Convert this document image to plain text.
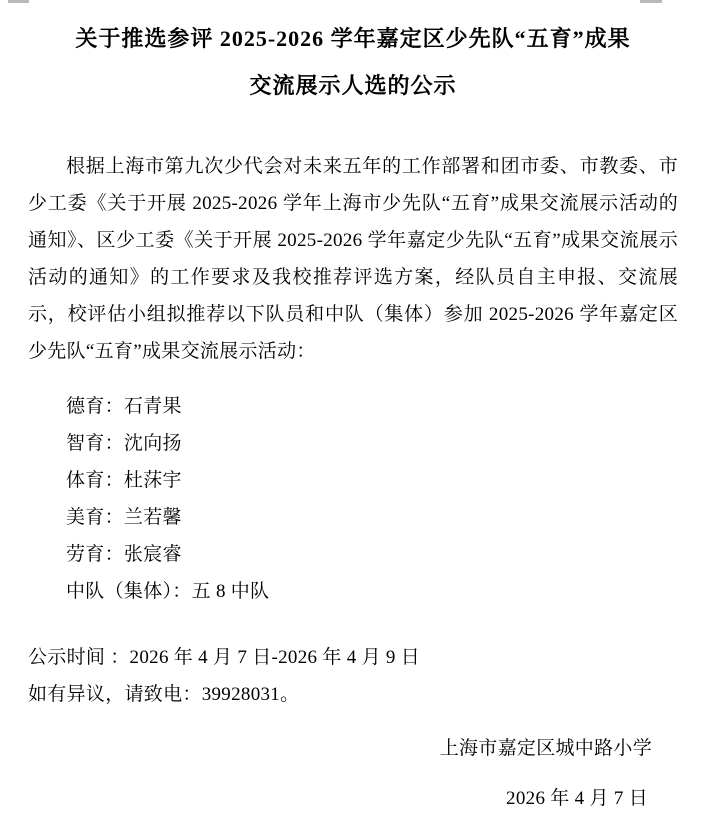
关于推选参评 2025-2026 学年嘉定区少先队“五育”成果
交流展示人选的公示
根据上海市第九次少代会对未来五年的工作部署和团市委、市教委、市少工委《关于开展 2025-2026 学年上海市少先队“五育”成果交流展示活动的通知》、区少工委《关于开展 2025-2026 学年嘉定少先队“五育”成果交流展示活动的通知》的工作要求及我校推荐评选方案，经队员自主申报、交流展示，校评估小组拟推荐以下队员和中队（集体）参加 2025-2026 学年嘉定区少先队“五育”成果交流展示活动：
德育：石青果
智育：沈向扬
体育：杜莯宇
美育：兰若馨
劳育：张宸睿
中队（集体）：五 8 中队
公示时间 ：2026 年 4 月 7 日-2026 年 4 月 9 日
如有异议，请致电：39928031。
上海市嘉定区城中路小学
2026 年 4 月 7 日
